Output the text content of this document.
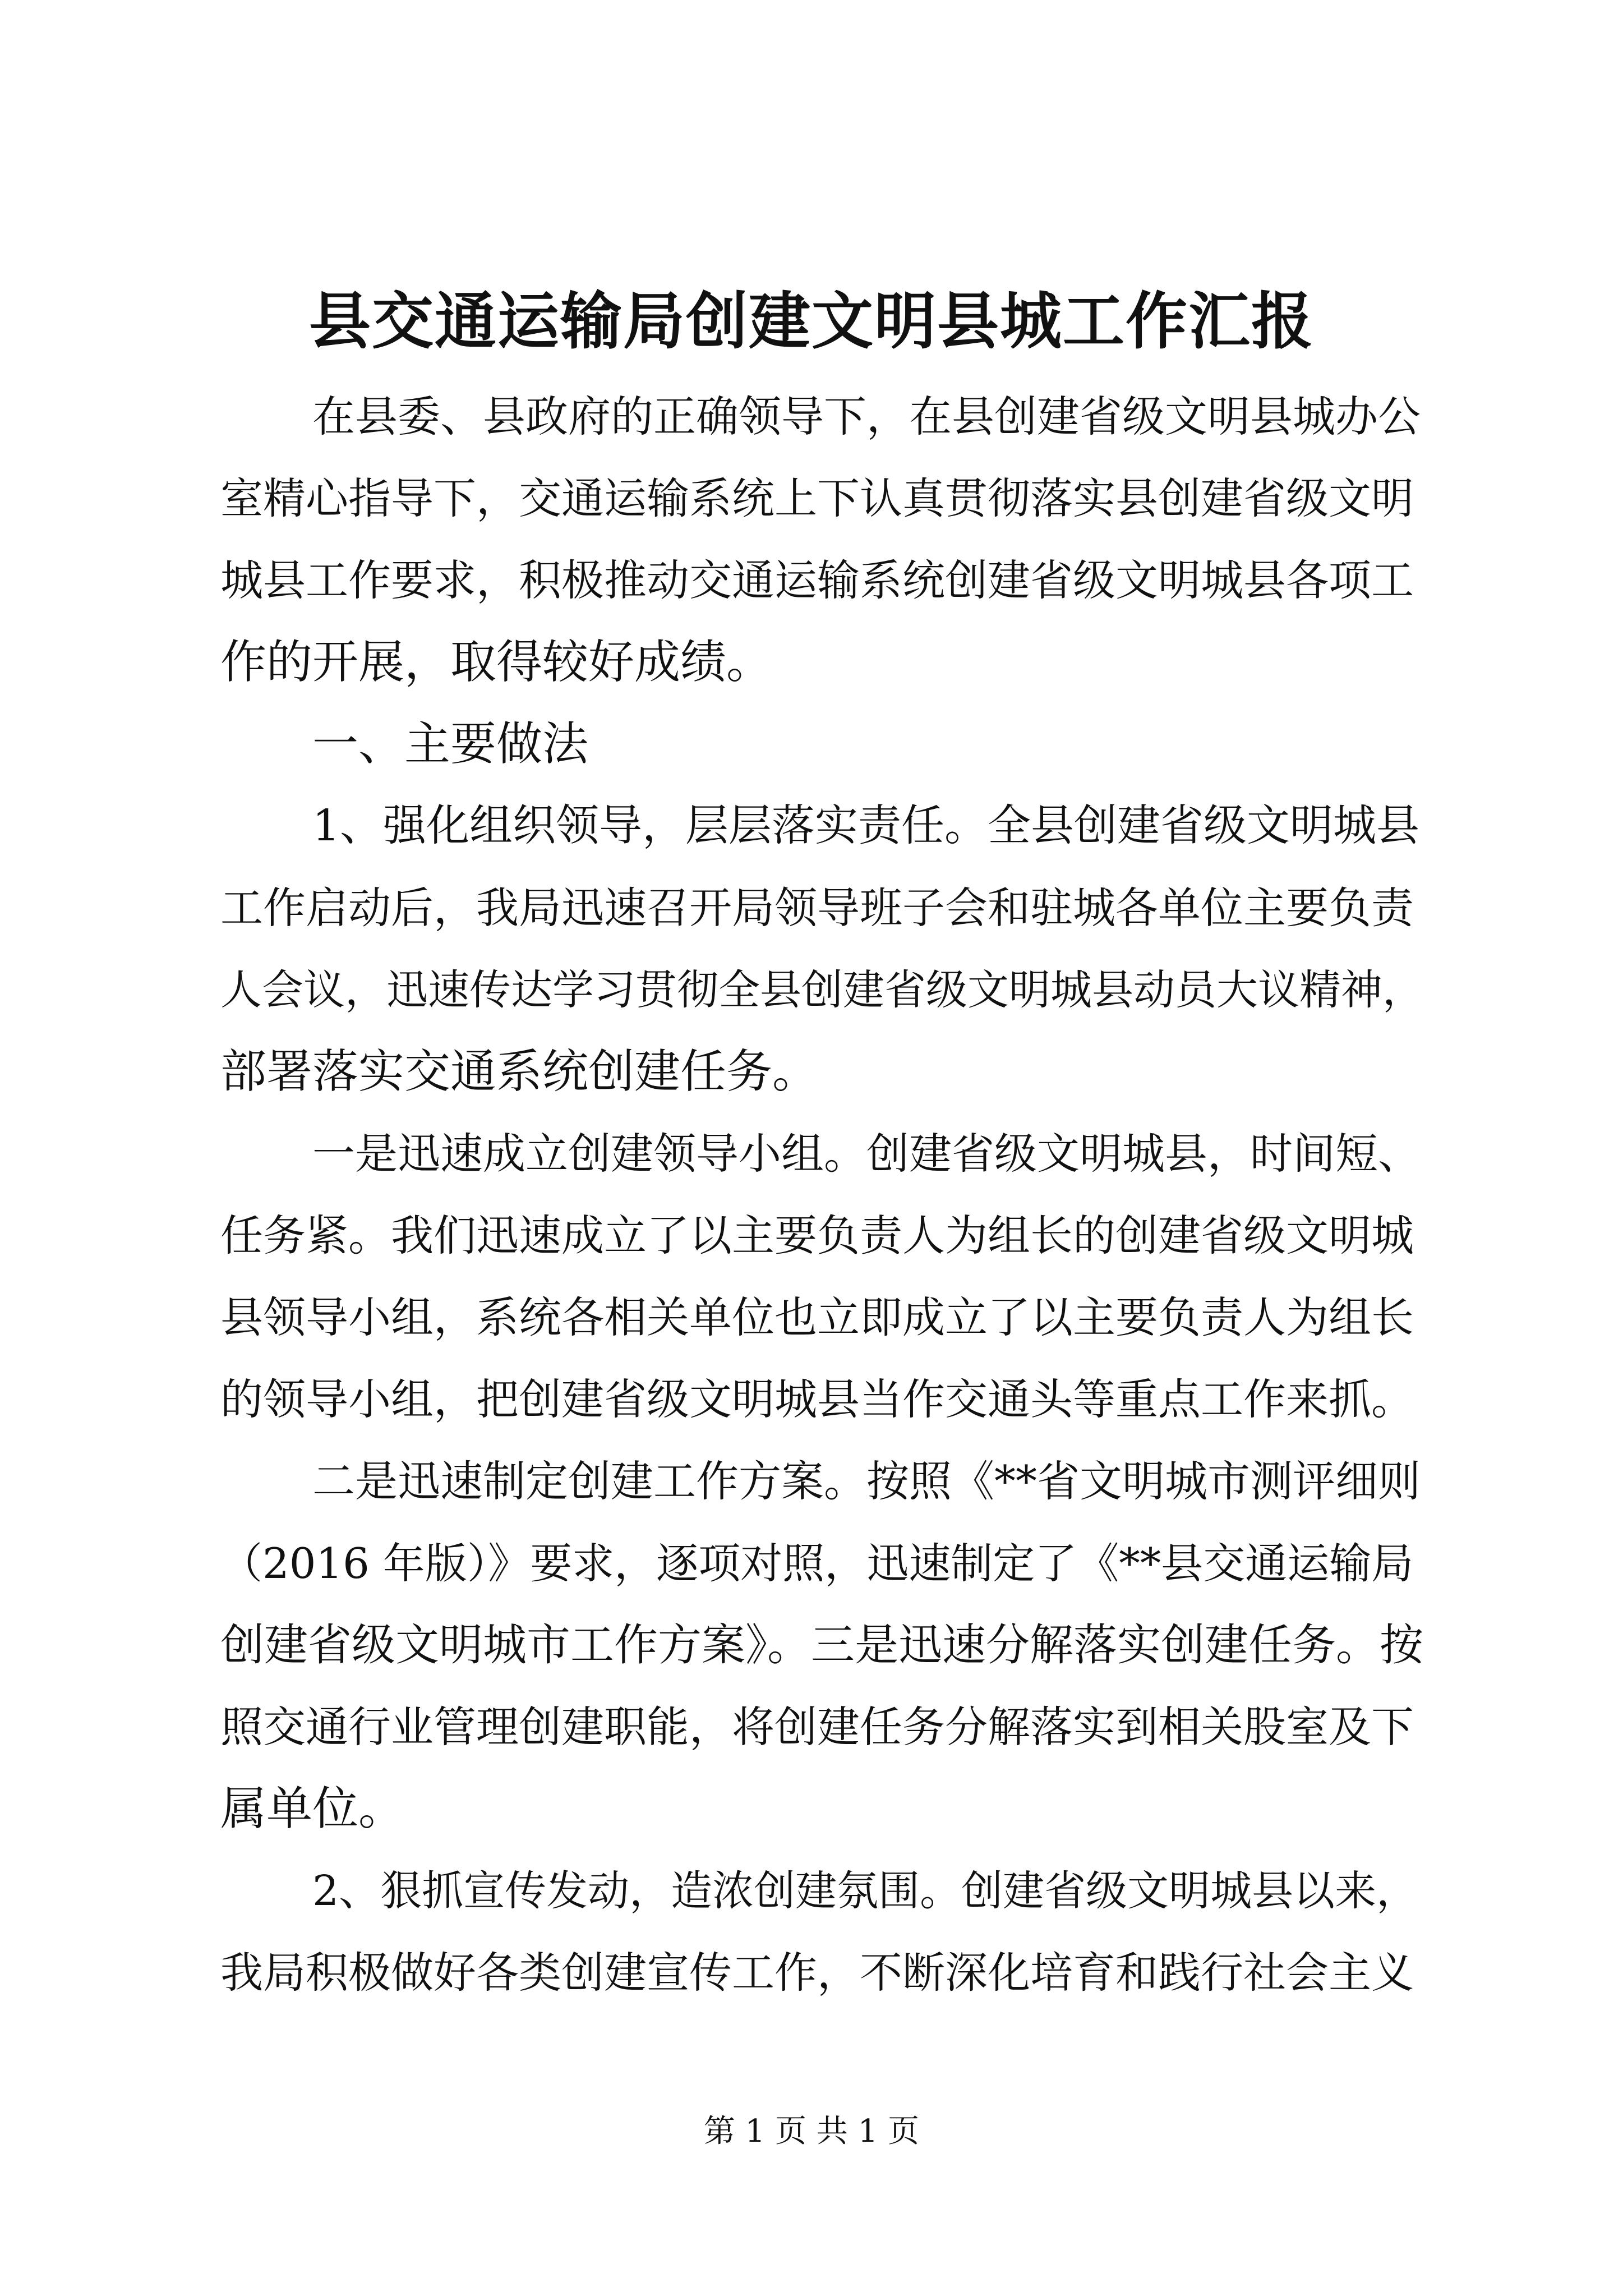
县交通运输局创建文明县城工作汇报
在县委、县政府的正确领导下，在县创建省级文明县城办公
室精心指导下，交通运输系统上下认真贯彻落实县创建省级文明
城县工作要求，积极推动交通运输系统创建省级文明城县各项工
作的开展，取得较好成绩。
一、主要做法
1、强化组织领导，层层落实责任。全县创建省级文明城县
工作启动后，我局迅速召开局领导班子会和驻城各单位主要负责
人会议，迅速传达学习贯彻全县创建省级文明城县动员大议精神，
部署落实交通系统创建任务。
一是迅速成立创建领导小组。创建省级文明城县，时间短、
任务紧。我们迅速成立了以主要负责人为组长的创建省级文明城
县领导小组，系统各相关单位也立即成立了以主要负责人为组长
的领导小组，把创建省级文明城县当作交通头等重点工作来抓。
二是迅速制定创建工作方案。按照《**省文明城市测评细则
（2016 年版）》要求，逐项对照，迅速制定了《**县交通运输局
创建省级文明城市工作方案》。三是迅速分解落实创建任务。按
照交通行业管理创建职能，将创建任务分解落实到相关股室及下
属单位。
2、狠抓宣传发动，造浓创建氛围。创建省级文明城县以来，
我局积极做好各类创建宣传工作，不断深化培育和践行社会主义
第 1 页 共 1 页
